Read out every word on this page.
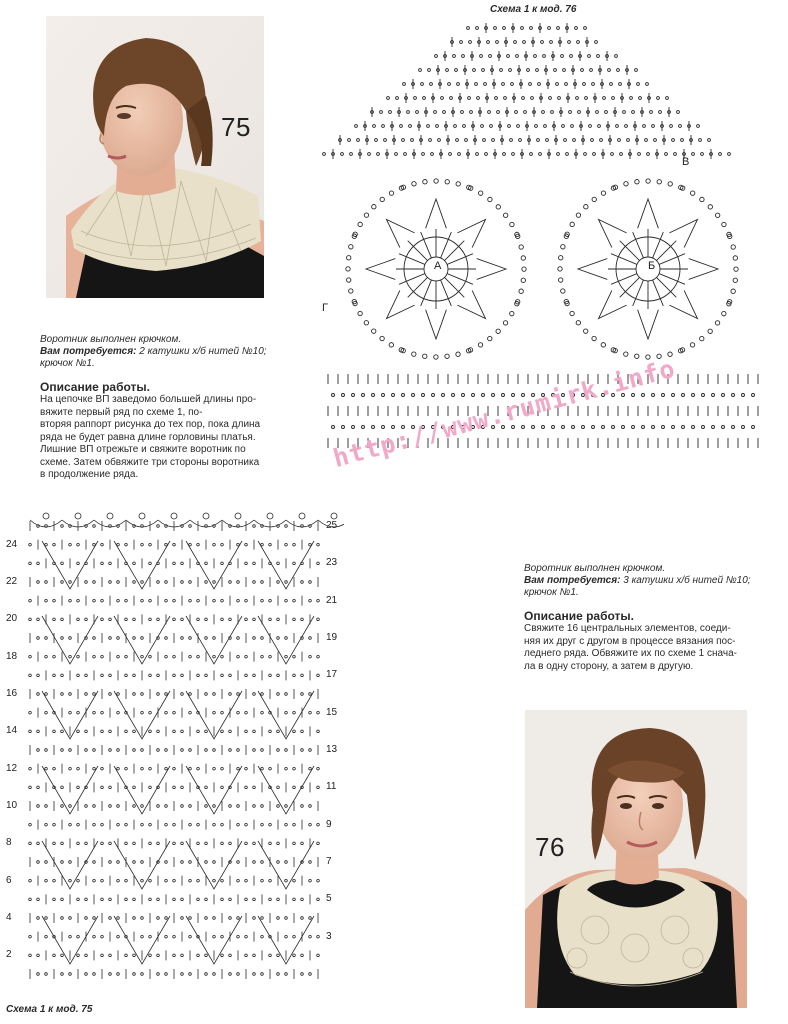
75
Воротник выполнен крючком.
Вам потребуется: 2 катушки х/б нитей №10;
крючок №1.
Описание работы.
На цепочке ВП заведомо большей длины про-
вяжите первый ряд по схеме 1, по-
вторяя раппорт рисунка до тех пор, пока длина
ряда не будет равна длине горловины платья.
Лишние ВП отрежьте и свяжите воротник по
схеме. Затем обвяжите три стороны воротника
в продолжение ряда.
Схема 1 к мод. 76
В
Г
А	Б
http://www.rumirk.info
24
22
20
18
16
14
12
10
8
6
4
2
25
23
21
19
17
15
13
11
9
7
5
3
Схема 1 к мод. 75
Воротник выполнен крючком.
Вам потребуется: 3 катушки х/б нитей №10;
крючок №1.
Описание работы.
Свяжите 16 центральных элементов, соеди-
няя их друг с другом в процессе вязания пос-
леднего ряда. Обвяжите их по схеме 1 снача-
ла в одну сторону, а затем в другую.
76
